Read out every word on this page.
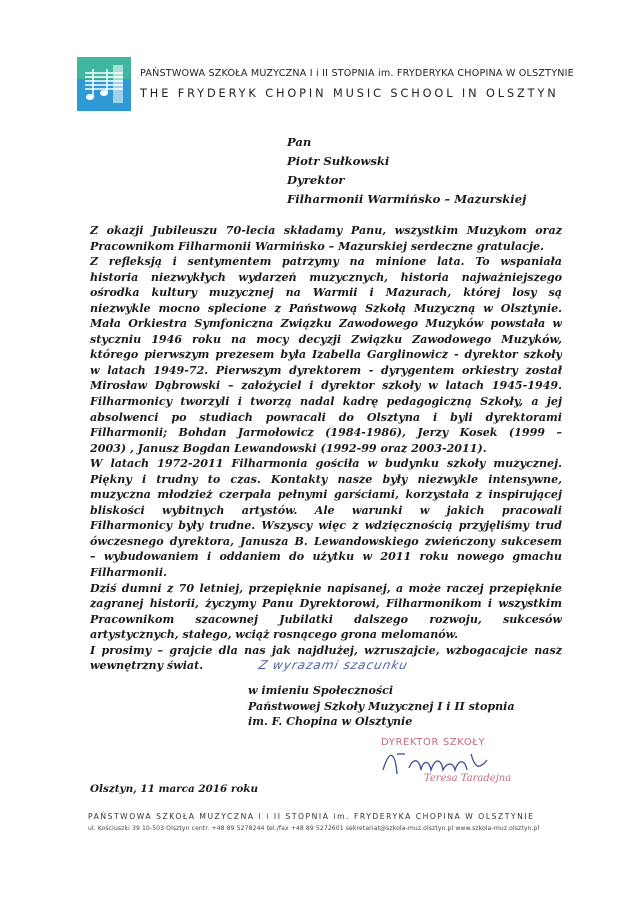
PAŃSTWOWA SZKOŁA MUZYCZNA I i II STOPNIA im. FRYDERYKA CHOPINA W OLSZTYNIE
THE FRYDERYK CHOPIN MUSIC SCHOOL IN OLSZTYN
Pan
Piotr Sułkowski
Dyrektor
Filharmonii Warmińsko – Mazurskiej

Z okazji Jubileuszu 70-lecia składamy Panu, wszystkim Muzykom oraz

Pracownikom Filharmonii Warmińsko – Mazurskiej serdeczne gratulacje.

Z refleksją i sentymentem patrzymy na minione lata. To wspaniała

historia niezwykłych wydarzeń muzycznych, historia najważniejszego

ośrodka kultury muzycznej na Warmii i Mazurach, której losy są

niezwykle mocno splecione z Państwową Szkołą Muzyczną w Olsztynie.

Mała Orkiestra Symfoniczna Związku Zawodowego Muzyków powstała w

styczniu 1946 roku na mocy decyzji Związku Zawodowego Muzyków,

którego pierwszym prezesem była Izabella Garglinowicz - dyrektor szkoły

w latach 1949-72. Pierwszym dyrektorem - dyrygentem orkiestry został

Mirosław Dąbrowski – założyciel i dyrektor szkoły w latach 1945-1949.

Filharmonicy tworzyli i tworzą nadal kadrę pedagogiczną Szkoły, a jej

absolwenci po studiach powracali do Olsztyna i byli dyrektorami

Filharmonii; Bohdan Jarmołowicz (1984-1986), Jerzy Kosek (1999 –

2003) , Janusz Bogdan Lewandowski (1992-99 oraz 2003-2011).

W latach 1972-2011 Filharmonia gościła w budynku szkoły muzycznej.

Piękny i trudny to czas. Kontakty nasze były niezwykle intensywne,

muzyczna młodzież czerpała pełnymi garściami, korzystała z inspirującej

bliskości wybitnych artystów. Ale warunki w jakich pracowali

Filharmonicy były trudne. Wszyscy więc z wdzięcznością przyjęliśmy trud

ówczesnego dyrektora, Janusza B. Lewandowskiego zwieńczony sukcesem

– wybudowaniem i oddaniem do użytku w 2011 roku nowego gmachu

Filharmonii.

Dziś dumni z 70 letniej, przepięknie napisanej, a może raczej przepięknie

zagranej historii, życzymy Panu Dyrektorowi, Filharmonikom i wszystkim

Pracownikom szacownej Jubilatki dalszego rozwoju, sukcesów

artystycznych, stałego, wciąż rosnącego grona melomanów.

I prosimy – grajcie dla nas jak najdłużej, wzruszajcie, wzbogacajcie nasz

wewnętrzny świat.	Z wyrazami szacunku
w imieniu Społeczności
Państwowej Szkoły Muzycznej I i II stopnia
im. F. Chopina w Olsztynie
DYREKTOR SZKOŁY
Teresa Taradejna
Olsztyn, 11 marca 2016 roku
PAŃSTWOWA SZKOŁA MUZYCZNA I i II STOPNIA im. FRYDERYKA CHOPINA W OLSZTYNIE
ul. Kościuszki 39 10-503 Olsztyn centr. +48 89 5278244 tel./fax +48 89 5272601 sekretariat@szkola-muz.olsztyn.pl www.szkola-muz.olsztyn.pl
